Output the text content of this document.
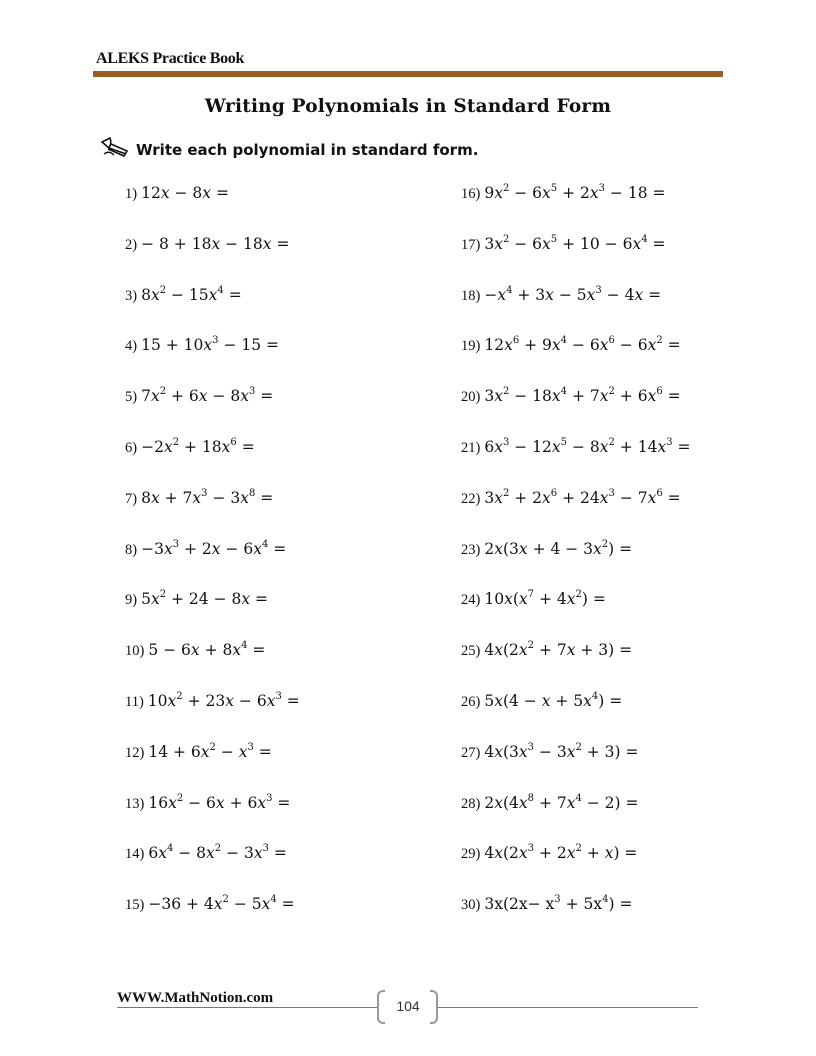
ALEKS Practice Book
Writing Polynomials in Standard Form
Write each polynomial in standard form.
1) 12x − 8x =
2) − 8 + 18x − 18x =
3) $8x^2 - 15x^4$ =
4) $15 + 10x^3 - 15$ =
5) $7x^2 + 6x - 8x^3$ =
$6) -2x^2 + 18x^6$ =
7) $8x + 7x^3 - 3x^8$ =
$8) -3x^3 + 2x - 6x^4$ =
9) $5x^2 + 24 - 8x$ =
10) $5 - 6x + 8x^4$ =
11) $10x^2 + 23x - 6x^3$ =
12) $14 + 6x^2 - x^3$ =
13) $16x^2 - 6x + 6x^3$ =
14) $6x^4 - 8x^2 - 3x^3$ =
$15) -36 + 4x^2 - 5x^4$ =
16) $9x^2 - 6x^5 + 2x^3 - 18$ =
17) $3x^2 - 6x^5 + 10 - 6x^4$ =
$18) -x^4 + 3x - 5x^3 - 4x$ =
19) $12x^6 + 9x^4 - 6x^6 - 6x^2$ =
20) $3x^2 - 18x^4 + 7x^2 + 6x^6$ =
21) $6x^3 - 12x^5 - 8x^2 + 14x^3$ =
22) $3x^2 + 2x^6 + 24x^3 - 7x^6$ =
23) $2x(3x + 4 - 3x^2)$ =
24) $10x(x^7 + 4x^2)$ =
25) $4x(2x^2 + 7x + 3)$ =
26) $5x(4 - x + 5x^4)$ =
27) $4x(3x^3 - 3x^2 + 3)$ =
28) $2x(4x^8 + 7x^4 - 2)$ =
29) $4x(2x^3 + 2x^2 + x)$ =
30) $3x(2x- x^3 + 5x^4)$ =
WWW.MathNotion.com	104
